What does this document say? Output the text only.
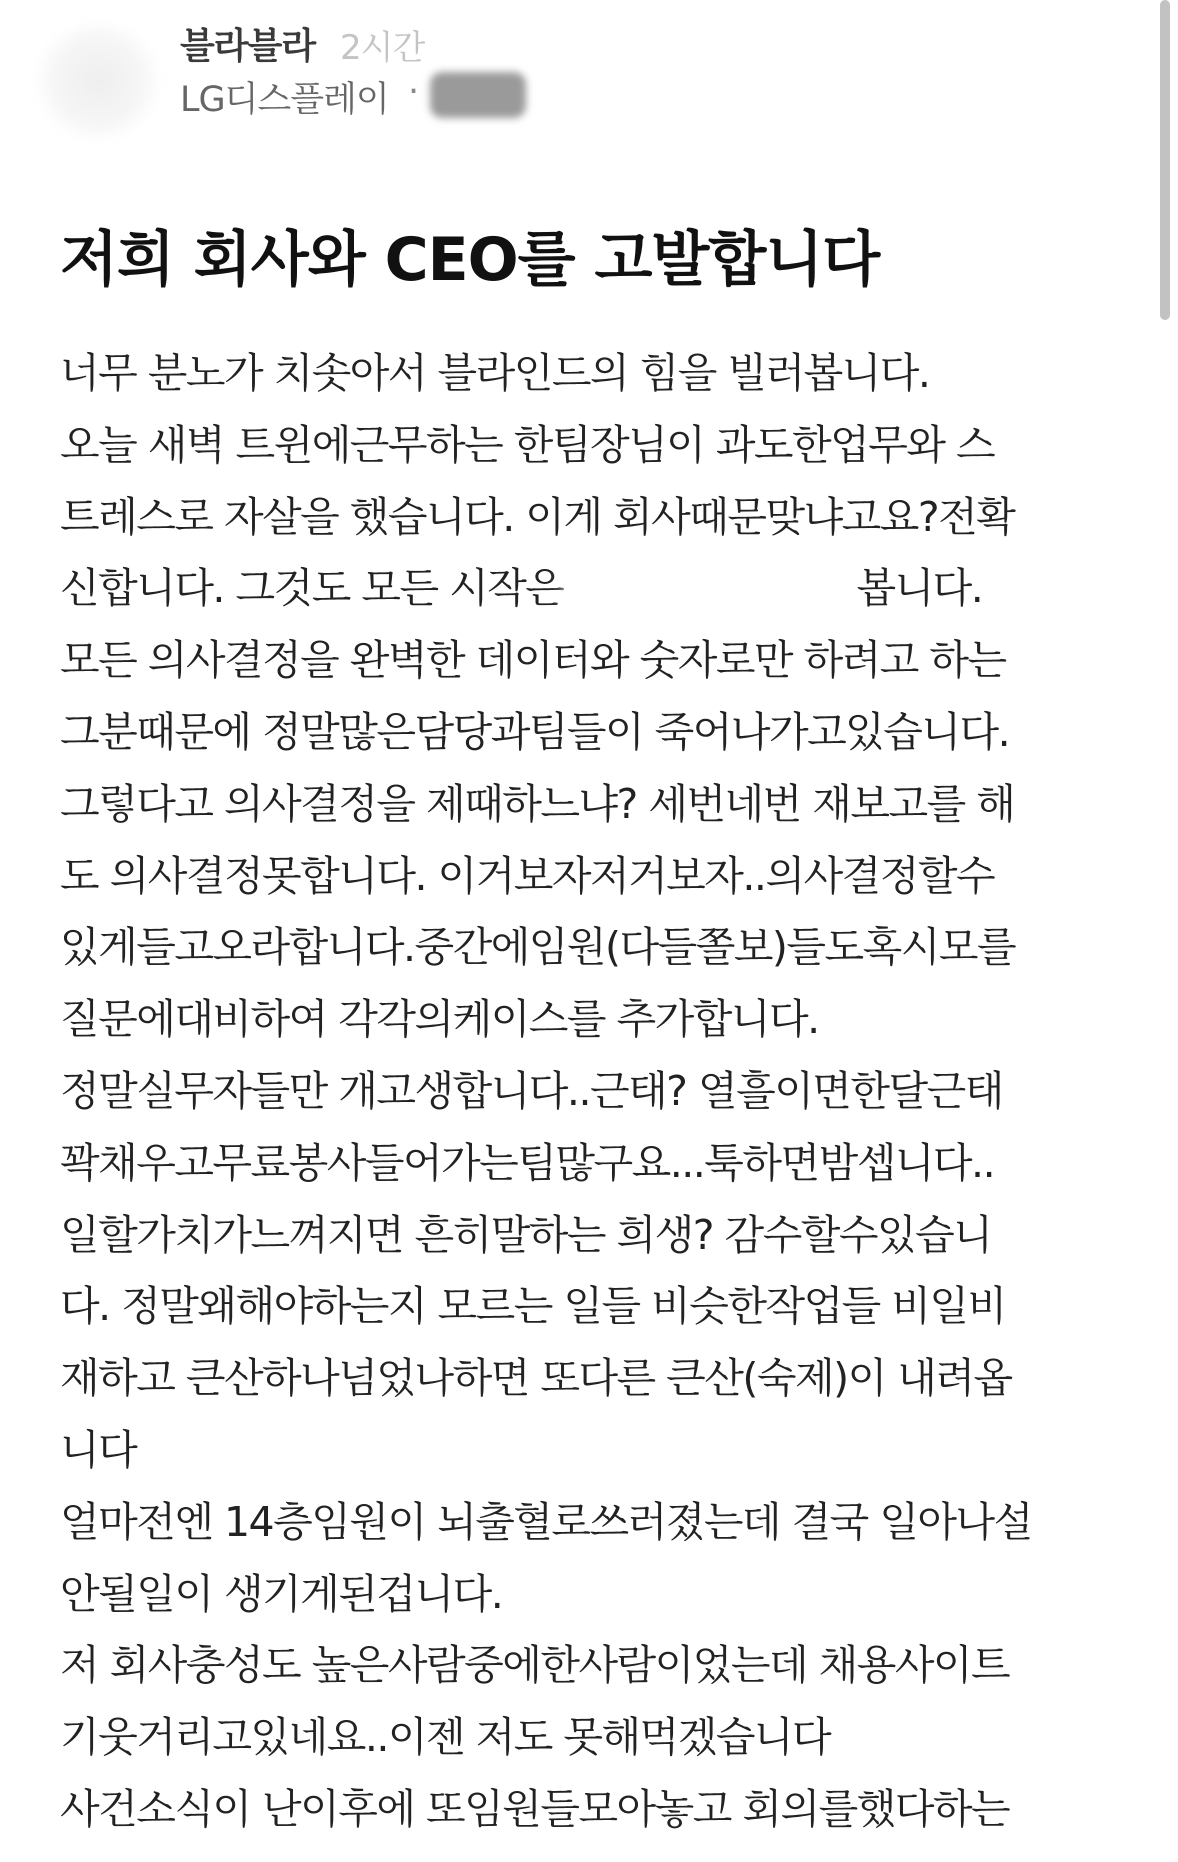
블라블라 2시간
LG디스플레이 ·
저희 회사와 CEO를 고발합니다
너무 분노가 치솟아서 블라인드의 힘을 빌러봅니다.
오늘 새벽 트윈에근무하는 한팀장님이 과도한업무와 스
트레스로 자살을 했습니다. 이게 회사때문맞냐고요?전확
신합니다. 그것도 모든 시작은	봅니다.
모든 의사결정을 완벽한 데이터와 숫자로만 하려고 하는
그분때문에 정말많은담당과팀들이 죽어나가고있습니다.
그렇다고 의사결정을 제때하느냐? 세번네번 재보고를 해
도 의사결정못합니다. 이거보자저거보자..의사결정할수
있게들고오라합니다.중간에임원(다들쫄보)들도혹시모를
질문에대비하여 각각의케이스를 추가합니다.
정말실무자들만 개고생합니다..근태? 열흘이면한달근태
꽉채우고무료봉사들어가는팀많구요...툭하면밤셉니다..
일할가치가느껴지면 흔히말하는 희생? 감수할수있습니
다. 정말왜해야하는지 모르는 일들 비슷한작업들 비일비
재하고 큰산하나넘었나하면 또다른 큰산(숙제)이 내려옵
니다
얼마전엔 14층임원이 뇌출혈로쓰러졌는데 결국 일아나설
안될일이 생기게된겁니다.
저 회사충성도 높은사람중에한사람이었는데 채용사이트
기웃거리고있네요..이젠 저도 못해먹겠습니다
사건소식이 난이후에 또임원들모아놓고 회의를했다하는
